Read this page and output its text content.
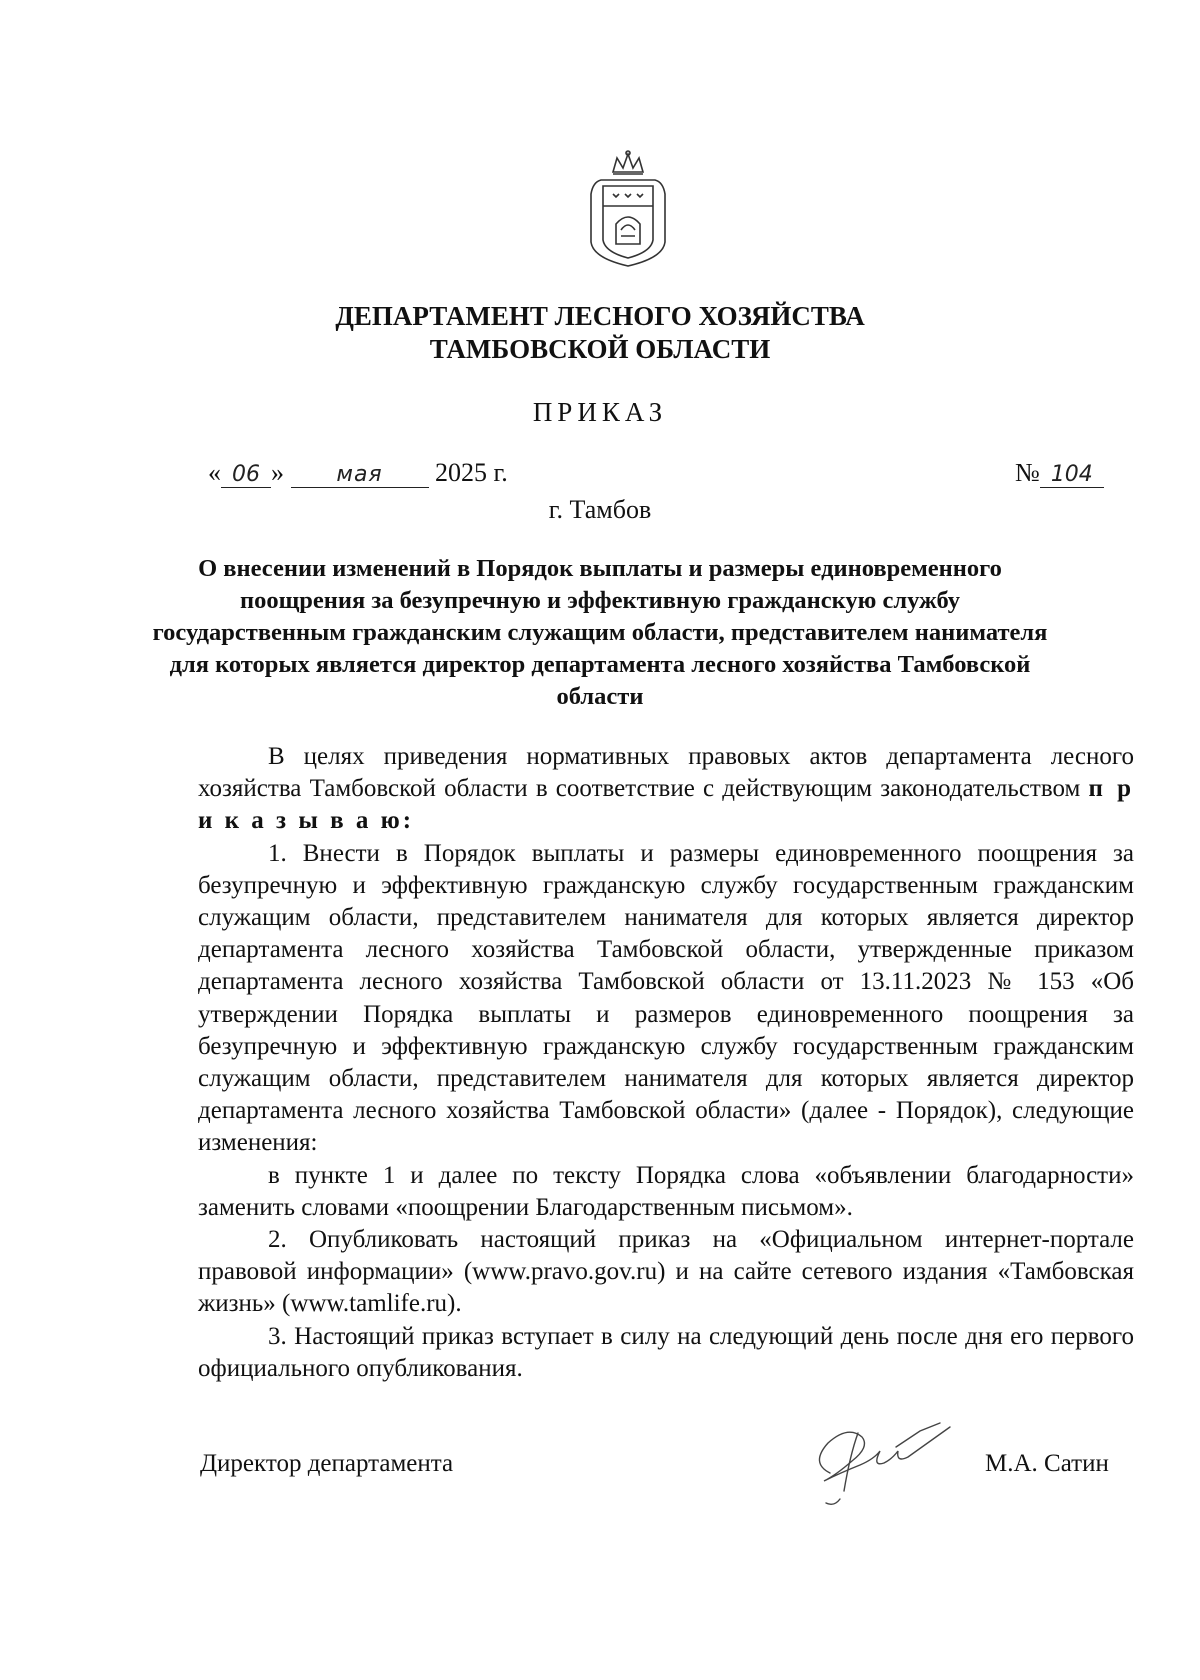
ДЕПАРТАМЕНТ ЛЕСНОГО ХОЗЯЙСТВА
ТАМБОВСКОЙ ОБЛАСТИ
ПРИКАЗ
« 06 » мая 2025 г.	№ 104
г. Тамбов
О внесении изменений в Порядок выплаты и размеры единовременного поощрения за безупречную и эффективную гражданскую службу государственным гражданским служащим области, представителем нанимателя для которых является директор департамента лесного хозяйства Тамбовской области

В целях приведения нормативных правовых актов департамента лесного хозяйства Тамбовской области в соответствие с действующим законодательством п р и к а з ы в а ю:

1. Внести в Порядок выплаты и размеры единовременного поощрения за безупречную и эффективную гражданскую службу государственным гражданским служащим области, представителем нанимателя для которых является директор департамента лесного хозяйства Тамбовской области, утвержденные приказом департамента лесного хозяйства Тамбовской области от 13.11.2023 № 153 «Об утверждении Порядка выплаты и размеров единовременного поощрения за безупречную и эффективную гражданскую службу государственным гражданским служащим области, представителем нанимателя для которых является директор департамента лесного хозяйства Тамбовской области» (далее - Порядок), следующие изменения:

в пункте 1 и далее по тексту Порядка слова «объявлении благодарности» заменить словами «поощрении Благодарственным письмом».

2. Опубликовать настоящий приказ на «Официальном интернет-портале правовой информации» (www.pravo.gov.ru) и на сайте сетевого издания «Тамбовская жизнь» (www.tamlife.ru).

3. Настоящий приказ вступает в силу на следующий день после дня его первого официального опубликования.

Директор департамента	М.А. Сатин
